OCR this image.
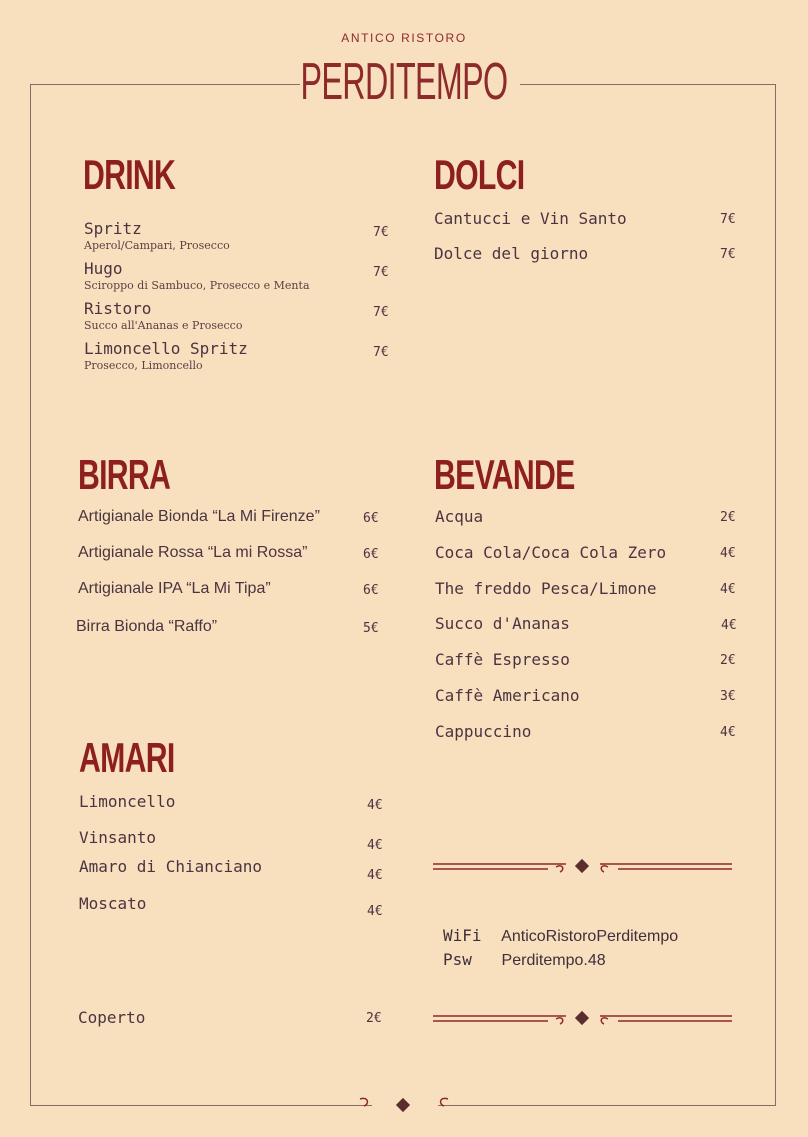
ANTICO RISTORO
PERDITEMPO
DRINK
Spritz
Aperol/Campari, Prosecco
7€
Hugo
Sciroppo di Sambuco, Prosecco e Menta
7€
Ristoro
Succo all'Ananas e Prosecco
7€
Limoncello Spritz
Prosecco, Limoncello
7€
DOLCI
Cantucci e Vin Santo	7€
Dolce del giorno	7€
BIRRA
Artigianale Bionda “La Mi Firenze”	6€
Artigianale Rossa “La mi Rossa”	6€
Artigianale IPA “La Mi Tipa”	6€
Birra Bionda “Raffo”	5€
BEVANDE
Acqua	2€
Coca Cola/Coca Cola Zero	4€
The freddo Pesca/Limone	4€
Succo d'Ananas	4€
Caffè Espresso	2€
Caffè Americano	3€
Cappuccino	4€
AMARI
Limoncello	4€
Vinsanto	4€
Amaro di Chianciano	4€
Moscato	4€
Coperto	2€
WiFi AnticoRistoroPerditempo
Psw Perditempo.48
